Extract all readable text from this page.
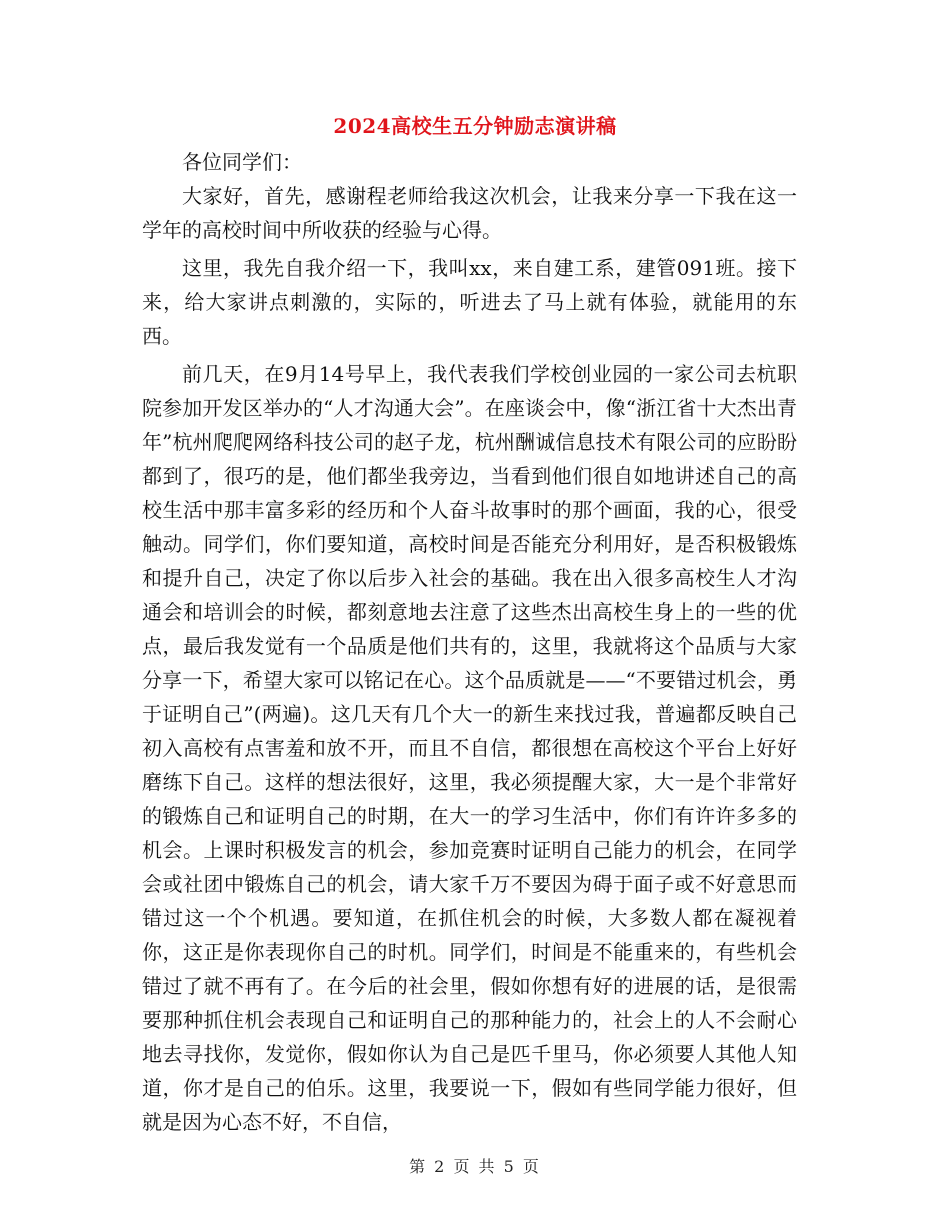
2024高校生五分钟励志演讲稿

各位同学们：

大家好，首先，感谢程老师给我这次机会，让我来分享一下我在这一学年的高校时间中所收获的经验与心得。

这里，我先自我介绍一下，我叫xx，来自建工系，建管091班。接下来，给大家讲点刺激的，实际的，听进去了马上就有体验，就能用的东西。

前几天，在9月14号早上，我代表我们学校创业园的一家公司去杭职院参加开发区举办的“人才沟通大会”。在座谈会中，像“浙江省十大杰出青年”杭州爬爬网络科技公司的赵子龙，杭州酬诚信息技术有限公司的应盼盼都到了，很巧的是，他们都坐我旁边，当看到他们很自如地讲述自己的高校生活中那丰富多彩的经历和个人奋斗故事时的那个画面，我的心，很受触动。同学们，你们要知道，高校时间是否能充分利用好，是否积极锻炼和提升自己，决定了你以后步入社会的基础。我在出入很多高校生人才沟通会和培训会的时候，都刻意地去注意了这些杰出高校生身上的一些的优点，最后我发觉有一个品质是他们共有的，这里，我就将这个品质与大家分享一下，希望大家可以铭记在心。这个品质就是——“不要错过机会，勇于证明自己”(两遍)。这几天有几个大一的新生来找过我，普遍都反映自己初入高校有点害羞和放不开，而且不自信，都很想在高校这个平台上好好磨练下自己。这样的想法很好，这里，我必须提醒大家，大一是个非常好的锻炼自己和证明自己的时期，在大一的学习生活中，你们有许许多多的机会。上课时积极发言的机会，参加竞赛时证明自己能力的机会，在同学会或社团中锻炼自己的机会，请大家千万不要因为碍于面子或不好意思而错过这一个个机遇。要知道，在抓住机会的时候，大多数人都在凝视着你，这正是你表现你自己的时机。同学们，时间是不能重来的，有些机会错过了就不再有了。在今后的社会里，假如你想有好的进展的话，是很需要那种抓住机会表现自己和证明自己的那种能力的，社会上的人不会耐心地去寻找你，发觉你，假如你认为自己是匹千里马，你必须要人其他人知道，你才是自己的伯乐。这里，我要说一下，假如有些同学能力很好，但就是因为心态不好，不自信，

第 2 页 共 5 页
